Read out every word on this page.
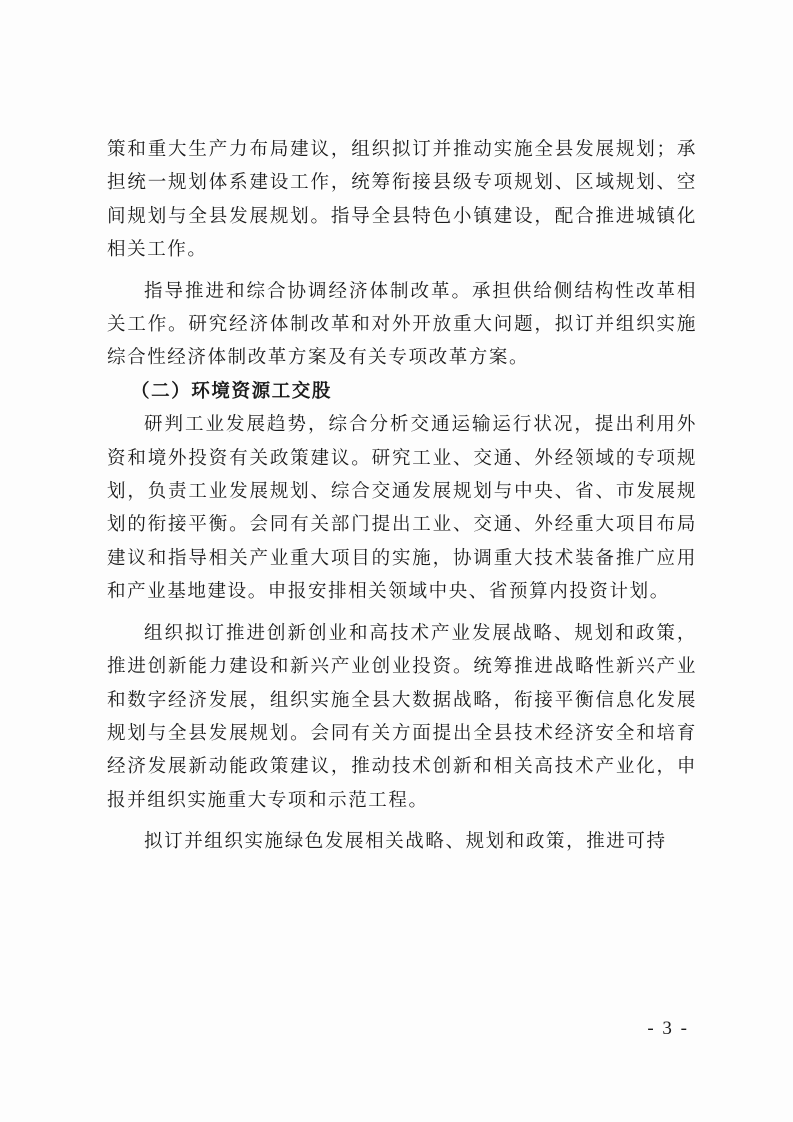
策和重大生产力布局建议，组织拟订并推动实施全县发展规划；承担统一规划体系建设工作，统筹衔接县级专项规划、区域规划、空间规划与全县发展规划。指导全县特色小镇建设，配合推进城镇化相关工作。

指导推进和综合协调经济体制改革。承担供给侧结构性改革相关工作。研究经济体制改革和对外开放重大问题，拟订并组织实施综合性经济体制改革方案及有关专项改革方案。

（二）环境资源工交股

研判工业发展趋势，综合分析交通运输运行状况，提出利用外资和境外投资有关政策建议。研究工业、交通、外经领域的专项规划，负责工业发展规划、综合交通发展规划与中央、省、市发展规划的衔接平衡。会同有关部门提出工业、交通、外经重大项目布局建议和指导相关产业重大项目的实施，协调重大技术装备推广应用和产业基地建设。申报安排相关领域中央、省预算内投资计划。

组织拟订推进创新创业和高技术产业发展战略、规划和政策，推进创新能力建设和新兴产业创业投资。统筹推进战略性新兴产业和数字经济发展，组织实施全县大数据战略，衔接平衡信息化发展规划与全县发展规划。会同有关方面提出全县技术经济安全和培育经济发展新动能政策建议，推动技术创新和相关高技术产业化，申报并组织实施重大专项和示范工程。

拟订并组织实施绿色发展相关战略、规划和政策，推进可持

- 3 -
